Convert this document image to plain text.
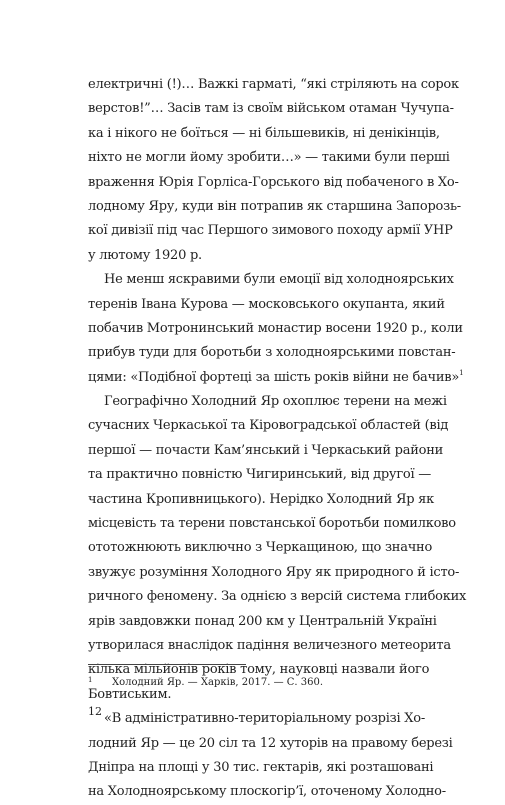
електричні (!)… Важкі гарматі, “які стріляють на сорок
верстов!”… Засів там із своїм військом отаман Чучупа-
ка і нікого не боїться — ні більшевиків, ні денікінців,
ніхто не могли йому зробити…» — такими були перші
враження Юрія Горліса-Горського від побаченого в Хо-
лодному Яру, куди він потрапив як старшина Запорозь-
кої дивізії під час Першого зимового походу армії УНР
у лютому 1920 р.
Не менш яскравими були емоції від холодноярських
теренів Івана Курова — московського окупанта, який
побачив Мотронинський монастир восени 1920 р., коли
прибув туди для боротьби з холодноярськими повстан-
цями: «Подібної фортеці за шість років війни не бачив»$^1$
Географічно Холодний Яр охоплює терени на межі
сучасних Черкаської та Кіровоградської областей (від
першої — почасти Кам’янський і Черкаський райони
та практично повністю Чигиринський, від другої —
частина Кропивницького). Нерідко Холодний Яр як
місцевість та терени повстанської боротьби помилково
ототожнюють виключно з Черкащиною, що значно
звужує розуміння Холодного Яру як природного й істо-
ричного феномену. За однією з версій система глибоких
ярів завдовжки понад 200 км у Центральній Україні
утворилася внаслідок падіння величезного метеорита
кілька мільйонів років тому, науковці назвали його
Бовтиським.
«В адміністративно-територіальному розрізі Хо-
лодний Яр — це 20 сіл та 12 хуторів на правому березі
Дніпра на площі у 30 тис. гектарів, які розташовані
на Холодноярському плоскогір’ї, оточеному Холодно-
1 Холодний Яр. — Харків, 2017. — С. 360.
12
